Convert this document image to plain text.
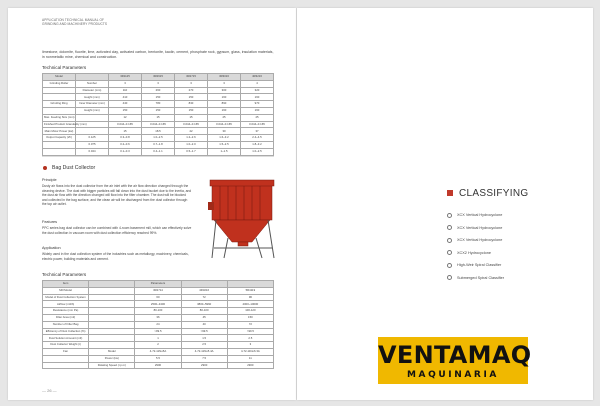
APPLICATION TECHNICAL MANUAL OF
GRINDING AND MACHINERY PRODUCTS
limestone, dolomite, fluorite, lime, activated clay, activated carbon, bentonite, kaolin, cement, phosphate rock, gypsum, glass, insulation materials, in nonmetallic mine, chemical and construction.
Technical Parameters
Model		3R1125	3R2615	3R2715	3R3016	4R3216
Grinding Roller	Number	3	3	3	3	4
	Diameter (mm)	110	260	270	300	320
	Height (mm)	410	150	150	160	160
Grinding Ring	Inner Diameter (mm)	440	780	830	890	970
	Height (mm)	150	150	150	160	160
Max. Feeding Size (mm)		12	15	15	25	25
Finished Product Granularity (mm)		0.044~0.165	0.044~0.165	0.044~0.165	0.044~0.165	0.044~0.165
Main Motor Power (kw)		15	18.5	22	30	37
Output Capacity (t/h)	0.125	0.3~0.8	1.0~2.5	1.2~2.6	1.6~3.2	2.4~4.5
	0.075	0.2~0.6	0.7~1.8	1.0~2.0	1.5~2.5	1.8~3.2
	0.044	0.1~0.3	0.4~1.1	0.5~1.7	1~1.5	1.0~2.5
Bag Dust Collector
Principle
Dusty air flows into the dust collector from the air inlet with the air flow direction changed through the cleaning device. The dust with bigger particles will fall down into the dust bucket due to the inertia, and the dust air flow with the direction changed will flow into the filter chamber. The dust will be blocked and collected in the bag surface, and the clean air will be discharged from the dust collector through the top air outlet.
Features
PPC series bag dust collector can be combined with 4-room basement mill, which can effectively solve the dust collection in vacuum room with dust collection efficiency reached 99%.
Application
Widely used in the dust collection system of the industries such as metallurgy, machinery, chemicals, electric power, building materials and cement.
Technical Parameters
Item		Parameters		
Mill Model		3R2714	4R3216	5R4119
Model of Dust Collection System		60	72	96
Airflow (m3/h)		2500~3400	3800~5960	4000~10000
Resistance (mm Pa)		80-100	80-100	100-120
Filter Area (m2)		36	45	150
Number of Filter Bag		24	40	72
Efficiency of Dust Collection (%)		>99.5	>99.5	>99.5
Dust Solution Amount (m3)		1	1.5	2.5
Dust Collector Weight (t)		2	2.5	3
Fan	Model	4-72-11No5A	4-72-11No5.4A	4-72-11No6.3A
	Power (kw)	5.5	7.5	11
	Rotating Speed (r.p.m)	2900	2900	2900
— 26 —
CLASSIFYING
XCX Vertical Hydrocyclone
XCX Vertical Hydrocyclone
XCX Vertical Hydrocyclone
XCX2 Hydrocyclone
High-Weir Spiral Classifier
Submerged Spiral Classifier
VENTAMAQ
MAQUINARIA
